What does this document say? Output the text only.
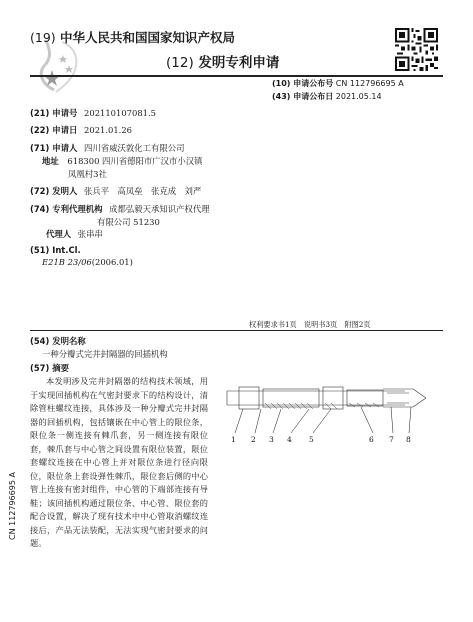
(19) 中华人民共和国国家知识产权局
(12) 发明专利申请
(10) 申请公布号 CN 112796695 A
(43) 申请公布日 2021.05.14
(21) 申请号 202110107081.5
(22) 申请日 2021.01.26
(71) 申请人 四川省威沃敦化工有限公司
地址 618300 四川省德阳市广汉市小汉镇
凤凰村3社
(72) 发明人 张兵平　高凤垒　张克成　刘严
(74) 专利代理机构 成都弘毅天承知识产权代理
有限公司 51230
代理人 张串串
(51) Int.Cl.
E21B 23/06(2006.01)
权利要求书1页　说明书3页　附图2页
(54) 发明名称
一种分瓣式完井封隔器的回插机构
(57) 摘要
本发明涉及完井封隔器的结构技术领域，用于实现回插机构在气密封要求下的结构设计，清除管柱螺纹连接，具体涉及一种分瓣式完井封隔器的回插机构，包括镶嵌在中心管上的限位条，限位条一侧连接有棘爪套，另一侧连接有限位套，棘爪套与中心管之间设置有限位装置，限位套螺纹连接在中心管上并对限位条进行径向限位，限位条上套设弹性棘爪，限位套后侧的中心管上连接有密封组件，中心管的下端部连接有导鞋；该回插机构通过限位条、中心管、限位套的配合设置，解决了现有技术中中心管取消螺纹连接后，产品无法装配，无法实现气密封要求的问题。
1 2 3 4 5	6 7 8
CN 112796695 A
